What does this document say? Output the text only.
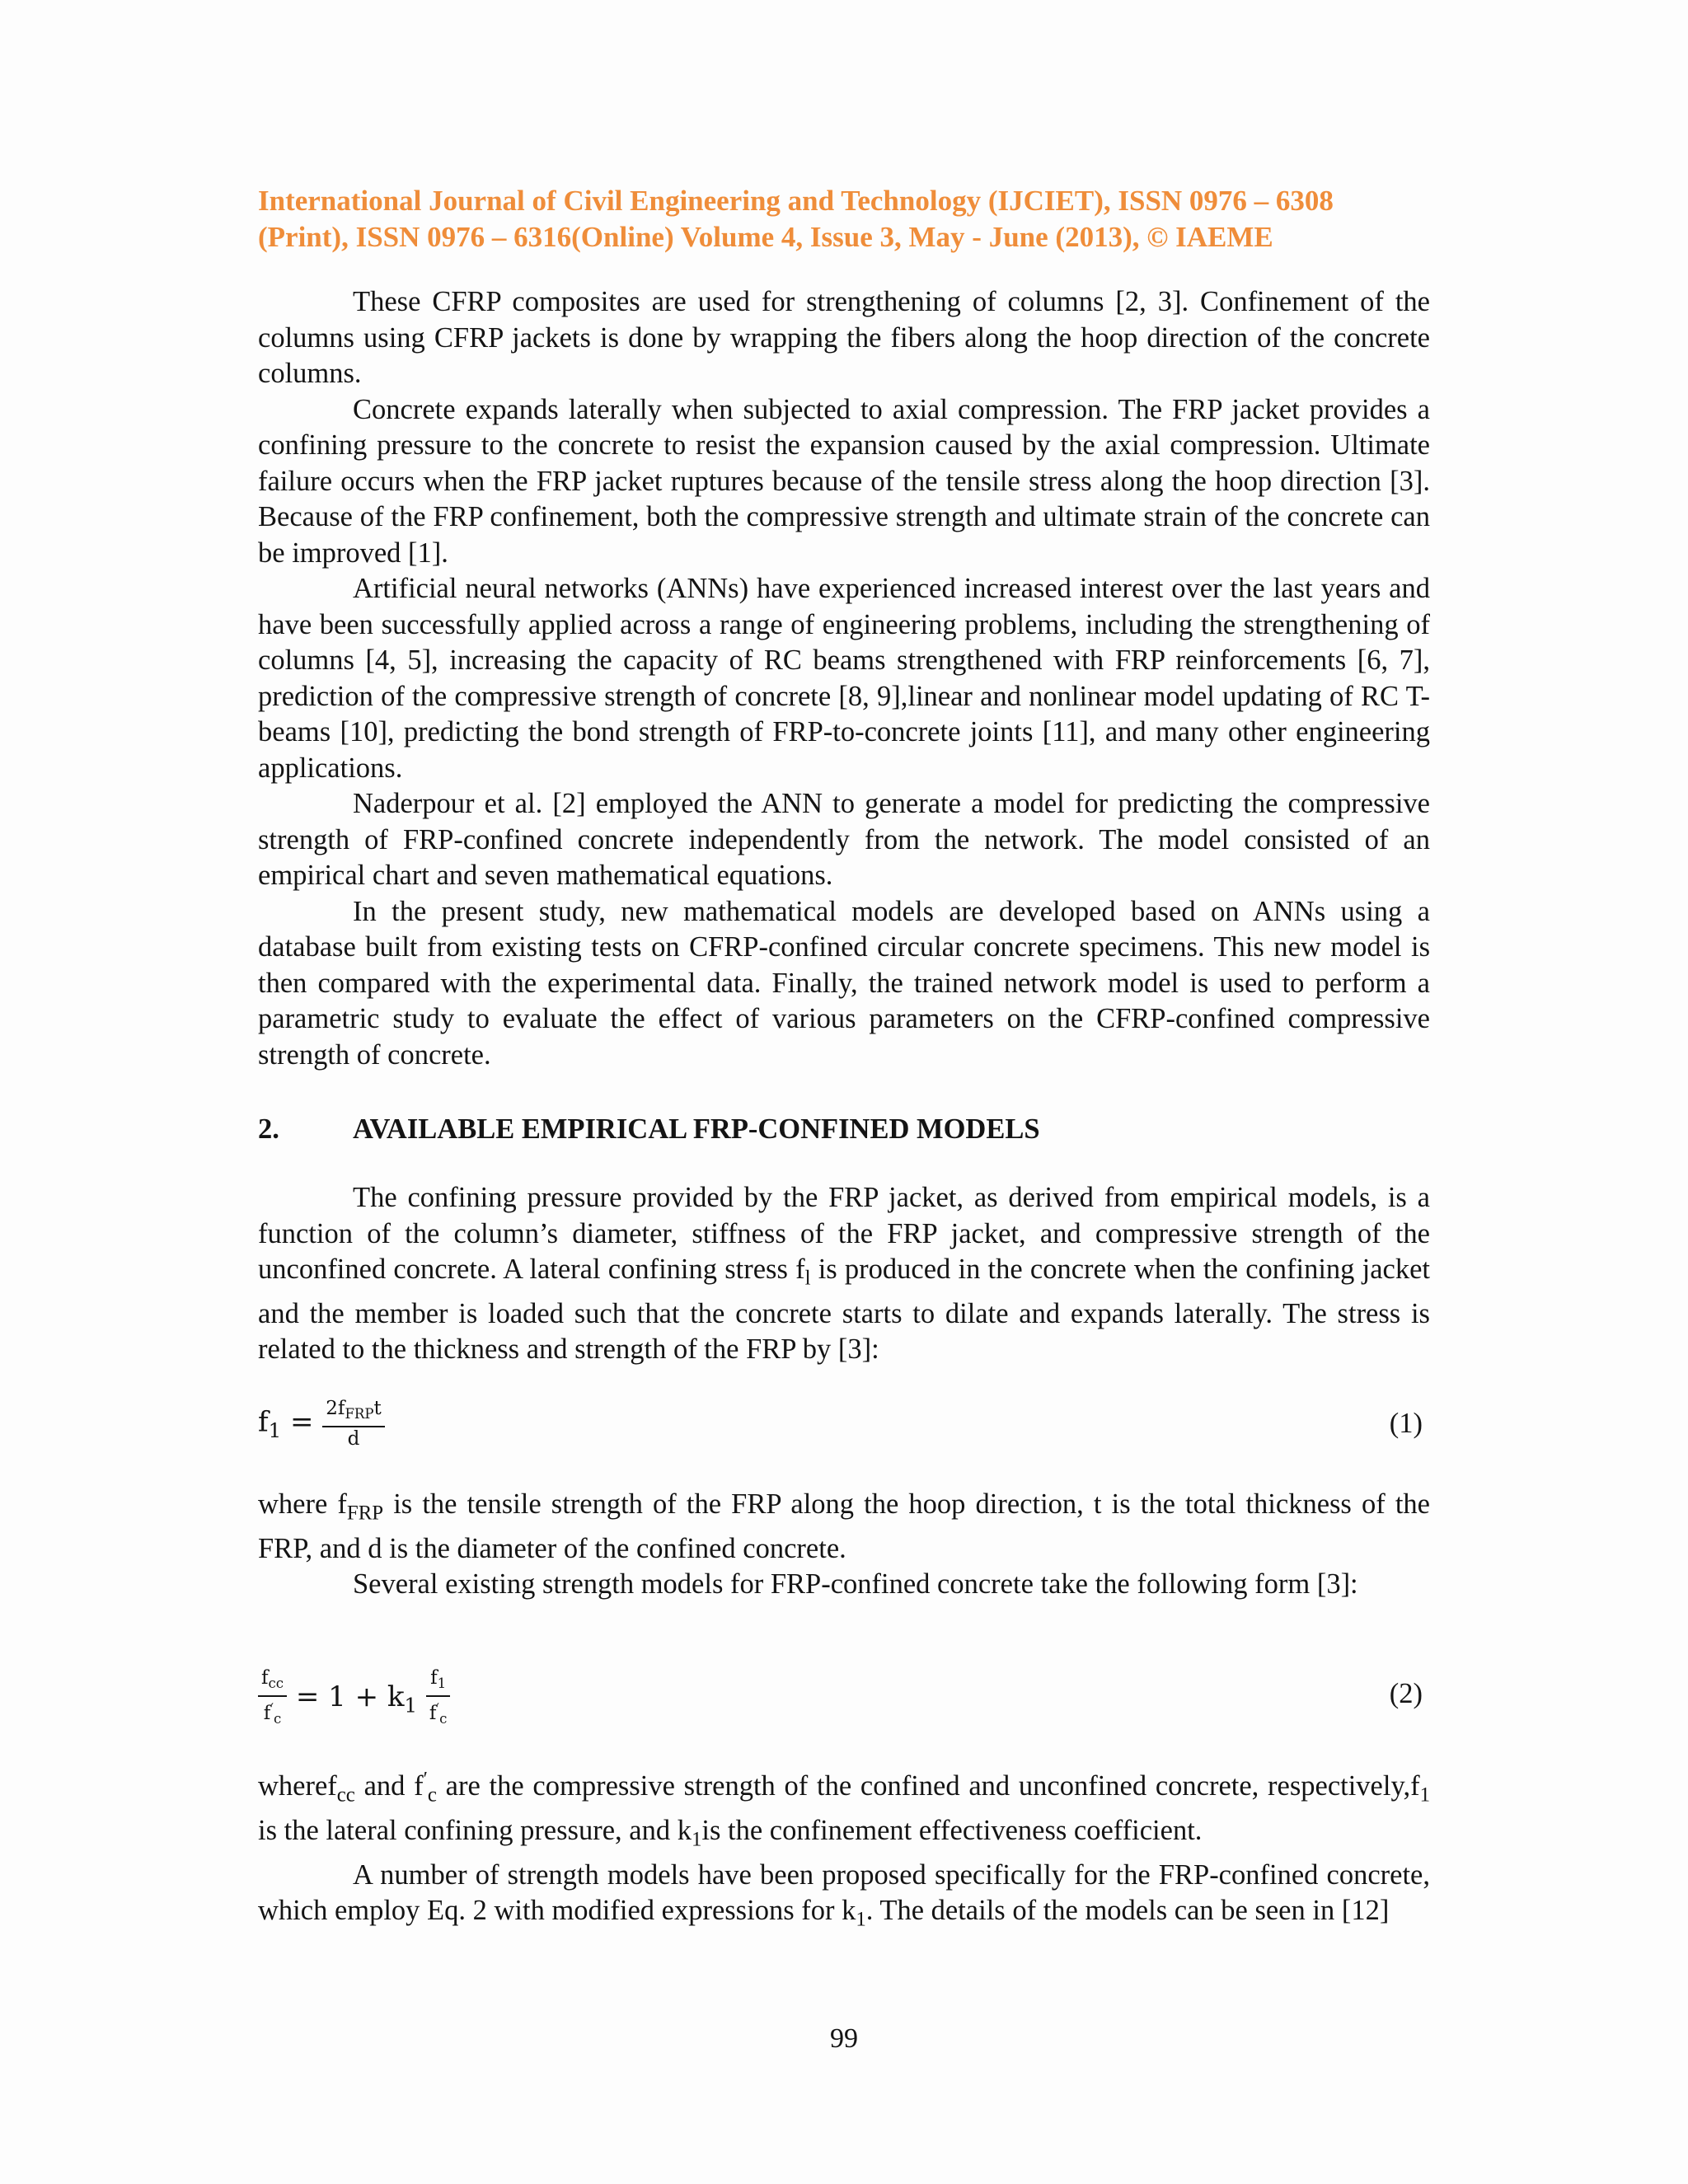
International Journal of Civil Engineering and Technology (IJCIET), ISSN 0976 – 6308
(Print), ISSN 0976 – 6316(Online) Volume 4, Issue 3, May - June (2013), © IAEME

These CFRP composites are used for strengthening of columns [2, 3]. Confinement of the columns using CFRP jackets is done by wrapping the fibers along the hoop direction of the concrete columns.

Concrete expands laterally when subjected to axial compression. The FRP jacket provides a confining pressure to the concrete to resist the expansion caused by the axial compression. Ultimate failure occurs when the FRP jacket ruptures because of the tensile stress along the hoop direction [3]. Because of the FRP confinement, both the compressive strength and ultimate strain of the concrete can be improved [1].

Artificial neural networks (ANNs) have experienced increased interest over the last years and have been successfully applied across a range of engineering problems, including the strengthening of columns [4, 5], increasing the capacity of RC beams strengthened with FRP reinforcements [6, 7], prediction of the compressive strength of concrete [8, 9],linear and nonlinear model updating of RC T-beams [10], predicting the bond strength of FRP-to-concrete joints [11], and many other engineering applications.

Naderpour et al. [2] employed the ANN to generate a model for predicting the compressive strength of FRP-confined concrete independently from the network. The model consisted of an empirical chart and seven mathematical equations.

In the present study, new mathematical models are developed based on ANNs using a database built from existing tests on CFRP-confined circular concrete specimens. This new model is then compared with the experimental data. Finally, the trained network model is used to perform a parametric study to evaluate the effect of various parameters on the CFRP-confined compressive strength of concrete.

2.	AVAILABLE EMPIRICAL FRP-CONFINED MODELS

The confining pressure provided by the FRP jacket, as derived from empirical models, is a function of the column’s diameter, stiffness of the FRP jacket, and compressive strength of the unconfined concrete. A lateral confining stress $f_l$ is produced in the concrete when the confining jacket and the member is loaded such that the concrete starts to dilate and expands laterally. The stress is related to the thickness and strength of the FRP by [3]:

$f_1 = \frac{2f_{FRP}t}{d}$	(1)

where $f_{FRP}$ is the tensile strength of the FRP along the hoop direction, t is the total thickness of the FRP, and d is the diameter of the confined concrete.

Several existing strength models for FRP-confined concrete take the following form [3]:

$\frac{f_{cc}}{f'_c} = 1 + k_1 \frac{f_1}{f'_c}$	(2)

wheref$_{cc}$ and $f'_c$ are the compressive strength of the confined and unconfined concrete, $respectively,f_1$ is the lateral confining pressure, and $k_1is$ the confinement effectiveness coefficient.

A number of strength models have been proposed specifically for the FRP-confined concrete, which employ Eq. 2 with modified expressions for $k_1$. The details of the models can be seen in [12]

99
